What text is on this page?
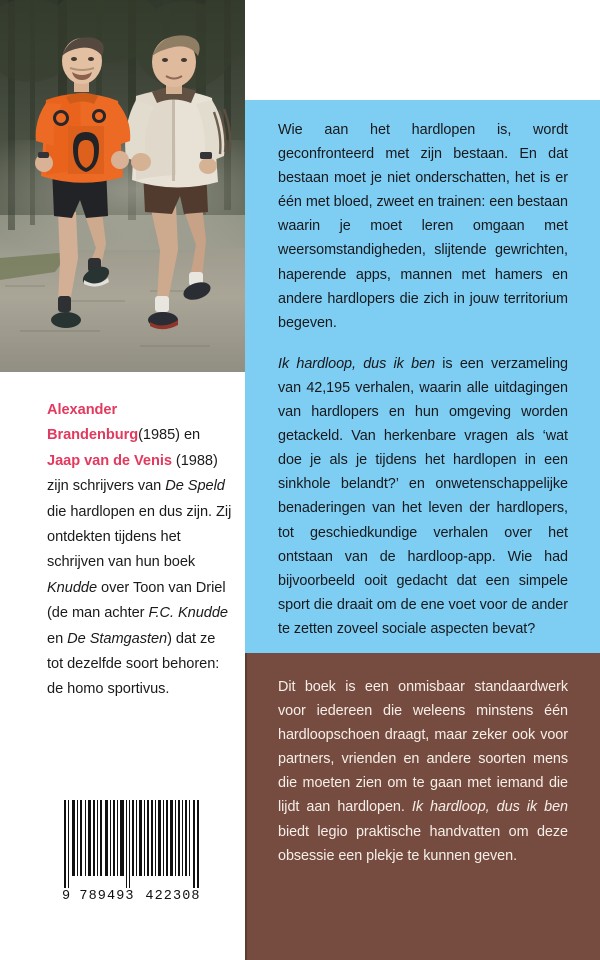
Wie aan het hardlopen is, wordt geconfronteerd met zijn bestaan. En dat bestaan moet je niet onderschatten, het is er één met bloed, zweet en trainen: een bestaan waarin je moet leren omgaan met weersomstandigheden, slijtende gewrichten, haperende apps, mannen met hamers en andere hardlopers die zich in jouw territorium begeven.

Ik hardloop, dus ik ben is een verzameling van 42,195 verhalen, waarin alle uitdagingen van hardlopers en hun omgeving worden getackeld. Van herkenbare vragen als ‘wat doe je als je tijdens het hardlopen in een sinkhole belandt?’ en onwetenschappelijke benaderingen van het leven der hardlopers, tot geschiedkundige verhalen over het ontstaan van de hardloop-app. Wie had bijvoorbeeld ooit gedacht dat een simpele sport die draait om de ene voet voor de ander te zetten zoveel sociale aspecten bevat?

Dit boek is een onmisbaar standaardwerk voor iedereen die weleens minstens één hardloopschoen draagt, maar zeker ook voor partners, vrienden en andere soorten mens die moeten zien om te gaan met iemand die lijdt aan hardlopen. Ik hardloop, dus ik ben biedt legio praktische handvatten om deze obsessie een plekje te kunnen geven.

Alexander Brandenburg(1985) en Jaap van de Venis (1988) zijn schrijvers van De Speld die hardlopen en dus zijn. Zij ontdekten tijdens het schrijven van hun boek Knudde over Toon van Driel (de man achter F.C. Knudde en De Stamgasten) dat ze tot dezelfde soort behoren: de homo sportivus.

9 789493 422308
